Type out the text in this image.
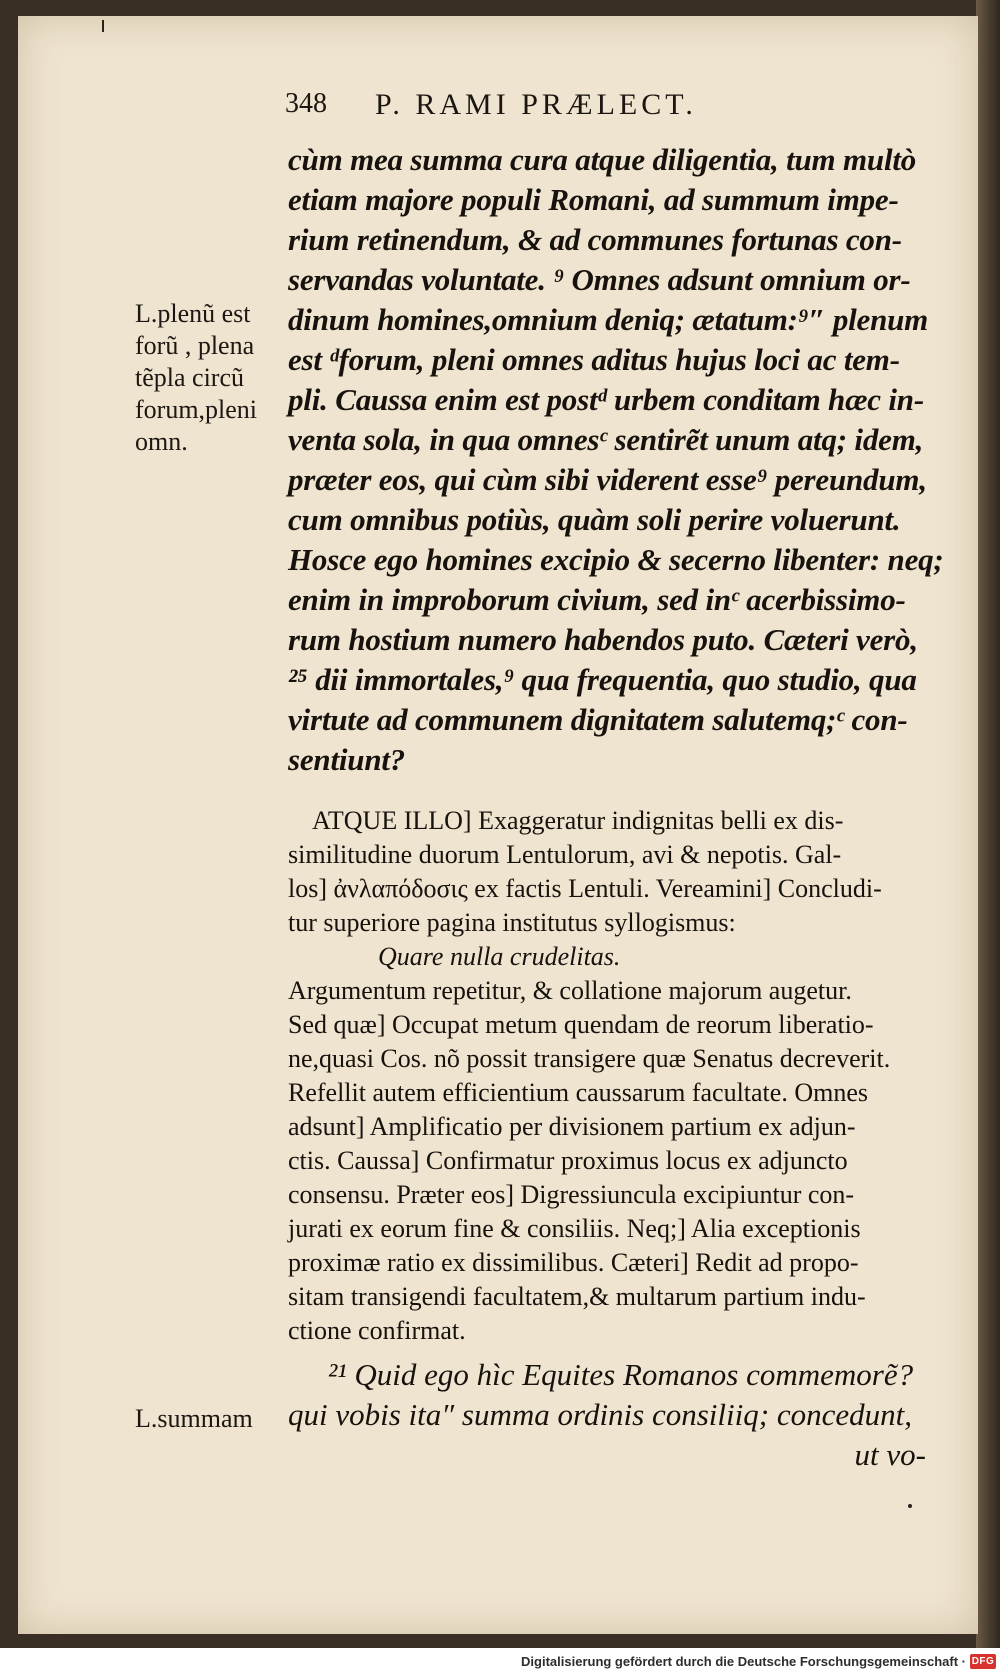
348 P. RAMI PRÆLECT.
L.plenũ est
forũ , plena
tẽpla circũ
forum,pleni
omn.
L.summam
cùm mea summa cura atque diligentia, tum multò
etiam majore populi Romani, ad summum impe-
rium retinendum, & ad communes fortunas con-
servandas voluntate. ⁹ Omnes adsunt omnium or-
dinum homines,omnium deniq; ætatum:⁹″ plenum
est ᵈforum, pleni omnes aditus hujus loci ac tem-
pli. Caussa enim est postᵈ urbem conditam hæc in-
venta sola, in qua omnesᶜ sentirẽt unum atq; idem,
præter eos, qui cùm sibi viderent esse⁹ pereundum,
cum omnibus potiùs, quàm soli perire voluerunt.
Hosce ego homines excipio & secerno libenter: neq;
enim in improborum civium, sed inᶜ acerbissimo-
rum hostium numero habendos puto. Cæteri verò,
²⁵ dii immortales,⁹ qua frequentia, quo studio, qua
virtute ad communem dignitatem salutemq;ᶜ con-
sentiunt?
ATQUE ILLO] Exaggeratur indignitas belli ex dis-
similitudine duorum Lentulorum, avi & nepotis. Gal-
los] ἀνλαπόδοσις ex factis Lentuli. Vereamini] Concludi-
tur superiore pagina institutus syllogismus:
Quare nulla crudelitas.
Argumentum repetitur, & collatione majorum augetur.
Sed quæ] Occupat metum quendam de reorum liberatio-
ne,quasi Cos. nõ possit transigere quæ Senatus decreverit.
Refellit autem efficientium caussarum facultate. Omnes
adsunt] Amplificatio per divisionem partium ex adjun-
ctis. Caussa] Confirmatur proximus locus ex adjuncto
consensu. Præter eos] Digressiuncula excipiuntur con-
jurati ex eorum fine & consiliis. Neq;] Alia exceptionis
proximæ ratio ex dissimilibus. Cæteri] Redit ad propo-
sitam transigendi facultatem,& multarum partium indu-
ctione confirmat.
²¹ Quid ego hìc Equites Romanos commemorẽ?
qui vobis ita″ summa ordinis consiliiq; concedunt,
ut vo-
Digitalisierung gefördert durch die Deutsche Forschungsgemeinschaft · DFG
